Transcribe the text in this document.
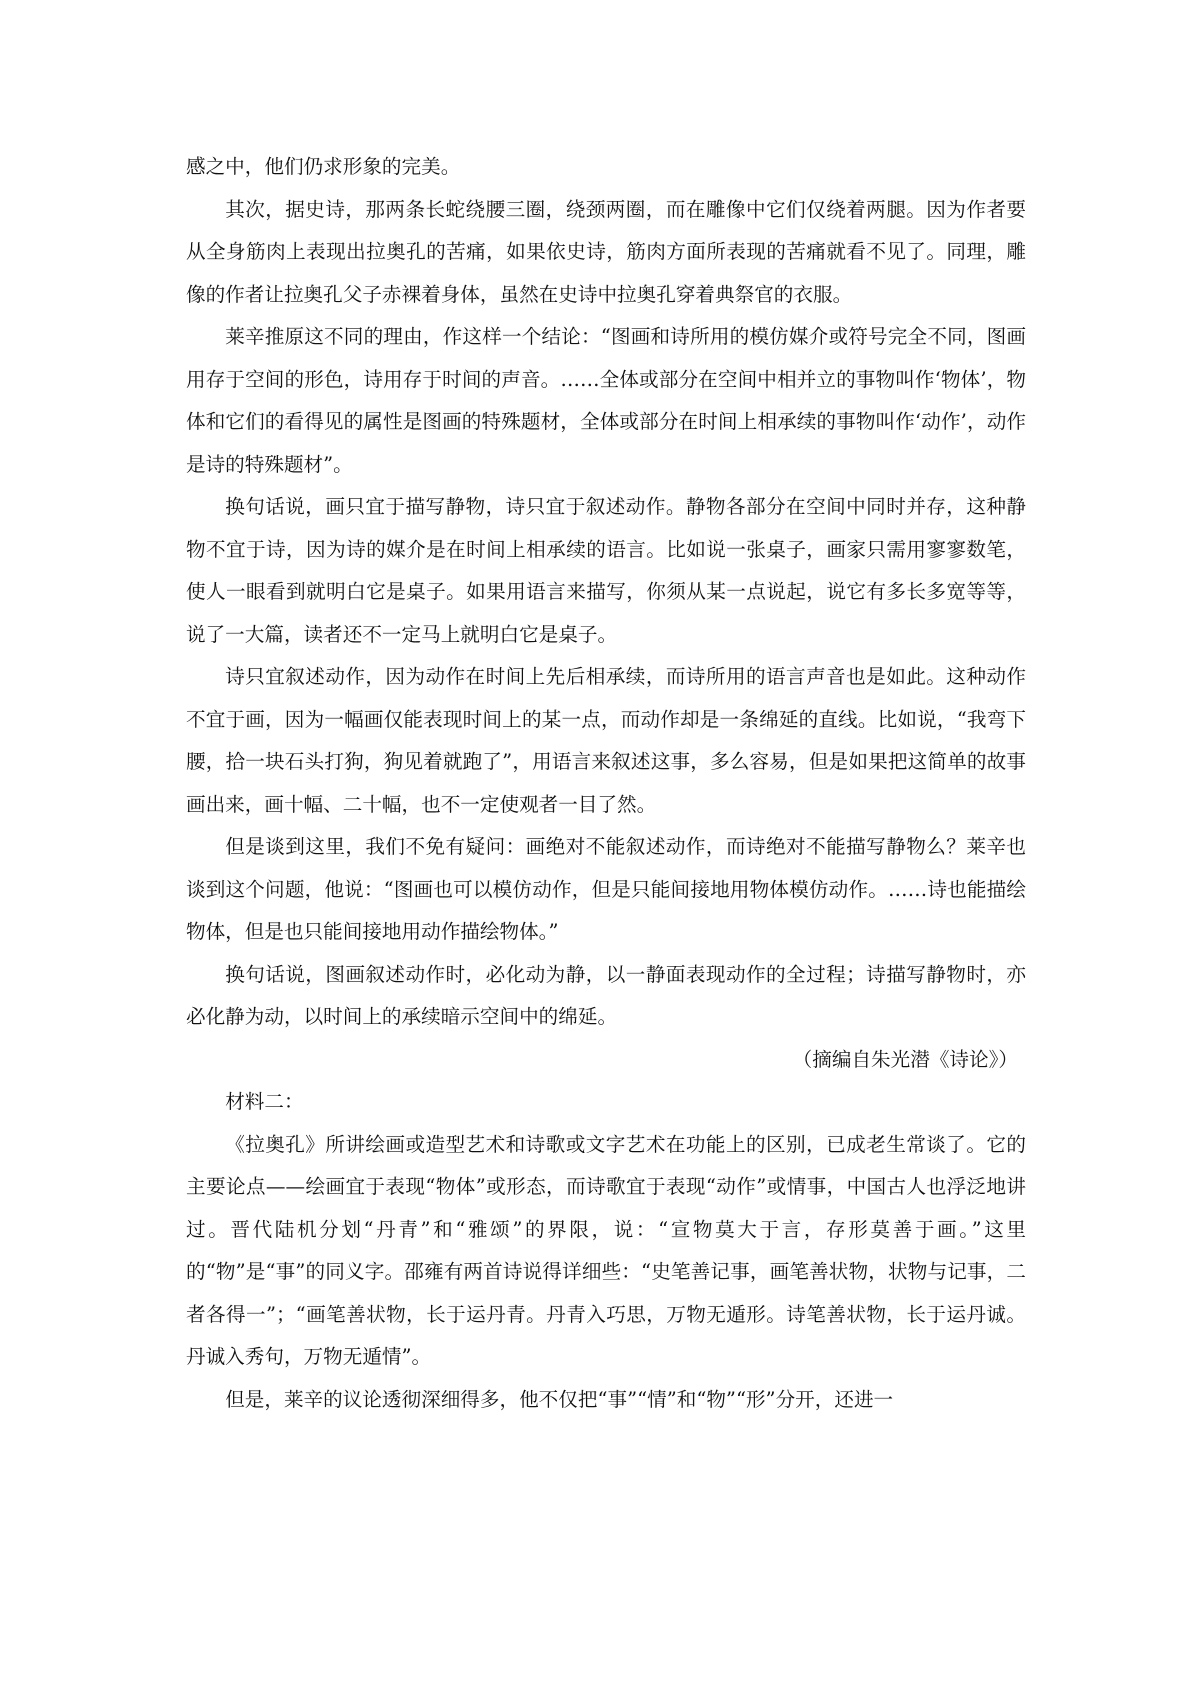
感之中，他们仍求形象的完美。

其次，据史诗，那两条长蛇绕腰三圈，绕颈两圈，而在雕像中它们仅绕着两腿。因为作者要从全身筋肉上表现出拉奥孔的苦痛，如果依史诗，筋肉方面所表现的苦痛就看不见了。同理，雕像的作者让拉奥孔父子赤裸着身体，虽然在史诗中拉奥孔穿着典祭官的衣服。

莱辛推原这不同的理由，作这样一个结论：“图画和诗所用的模仿媒介或符号完全不同，图画用存于空间的形色，诗用存于时间的声音。……全体或部分在空间中相并立的事物叫作‘物体’，物体和它们的看得见的属性是图画的特殊题材，全体或部分在时间上相承续的事物叫作‘动作’，动作是诗的特殊题材”。

换句话说，画只宜于描写静物，诗只宜于叙述动作。静物各部分在空间中同时并存，这种静物不宜于诗，因为诗的媒介是在时间上相承续的语言。比如说一张桌子，画家只需用寥寥数笔，使人一眼看到就明白它是桌子。如果用语言来描写，你须从某一点说起，说它有多长多宽等等，说了一大篇，读者还不一定马上就明白它是桌子。

诗只宜叙述动作，因为动作在时间上先后相承续，而诗所用的语言声音也是如此。这种动作不宜于画，因为一幅画仅能表现时间上的某一点，而动作却是一条绵延的直线。比如说，“我弯下腰，拾一块石头打狗，狗见着就跑了”，用语言来叙述这事，多么容易，但是如果把这简单的故事画出来，画十幅、二十幅，也不一定使观者一目了然。

但是谈到这里，我们不免有疑问：画绝对不能叙述动作，而诗绝对不能描写静物么？莱辛也谈到这个问题，他说：“图画也可以模仿动作，但是只能间接地用物体模仿动作。……诗也能描绘物体，但是也只能间接地用动作描绘物体。”

换句话说，图画叙述动作时，必化动为静，以一静面表现动作的全过程；诗描写静物时，亦必化静为动，以时间上的承续暗示空间中的绵延。

（摘编自朱光潜《诗论》）

材料二：

《拉奥孔》所讲绘画或造型艺术和诗歌或文字艺术在功能上的区别，已成老生常谈了。它的主要论点——绘画宜于表现“物体”或形态，而诗歌宜于表现“动作”或情事，中国古人也浮泛地讲过。晋代陆机分划“丹青”和“雅颂”的界限，说：“宣物莫大于言，存形莫善于画。”这里的“物”是“事”的同义字。邵雍有两首诗说得详细些：“史笔善记事，画笔善状物，状物与记事，二者各得一”；“画笔善状物，长于运丹青。丹青入巧思，万物无遁形。诗笔善状物，长于运丹诚。丹诚入秀句，万物无遁情”。

但是，莱辛的议论透彻深细得多，他不仅把“事”“情”和“物”“形”分开，还进一
